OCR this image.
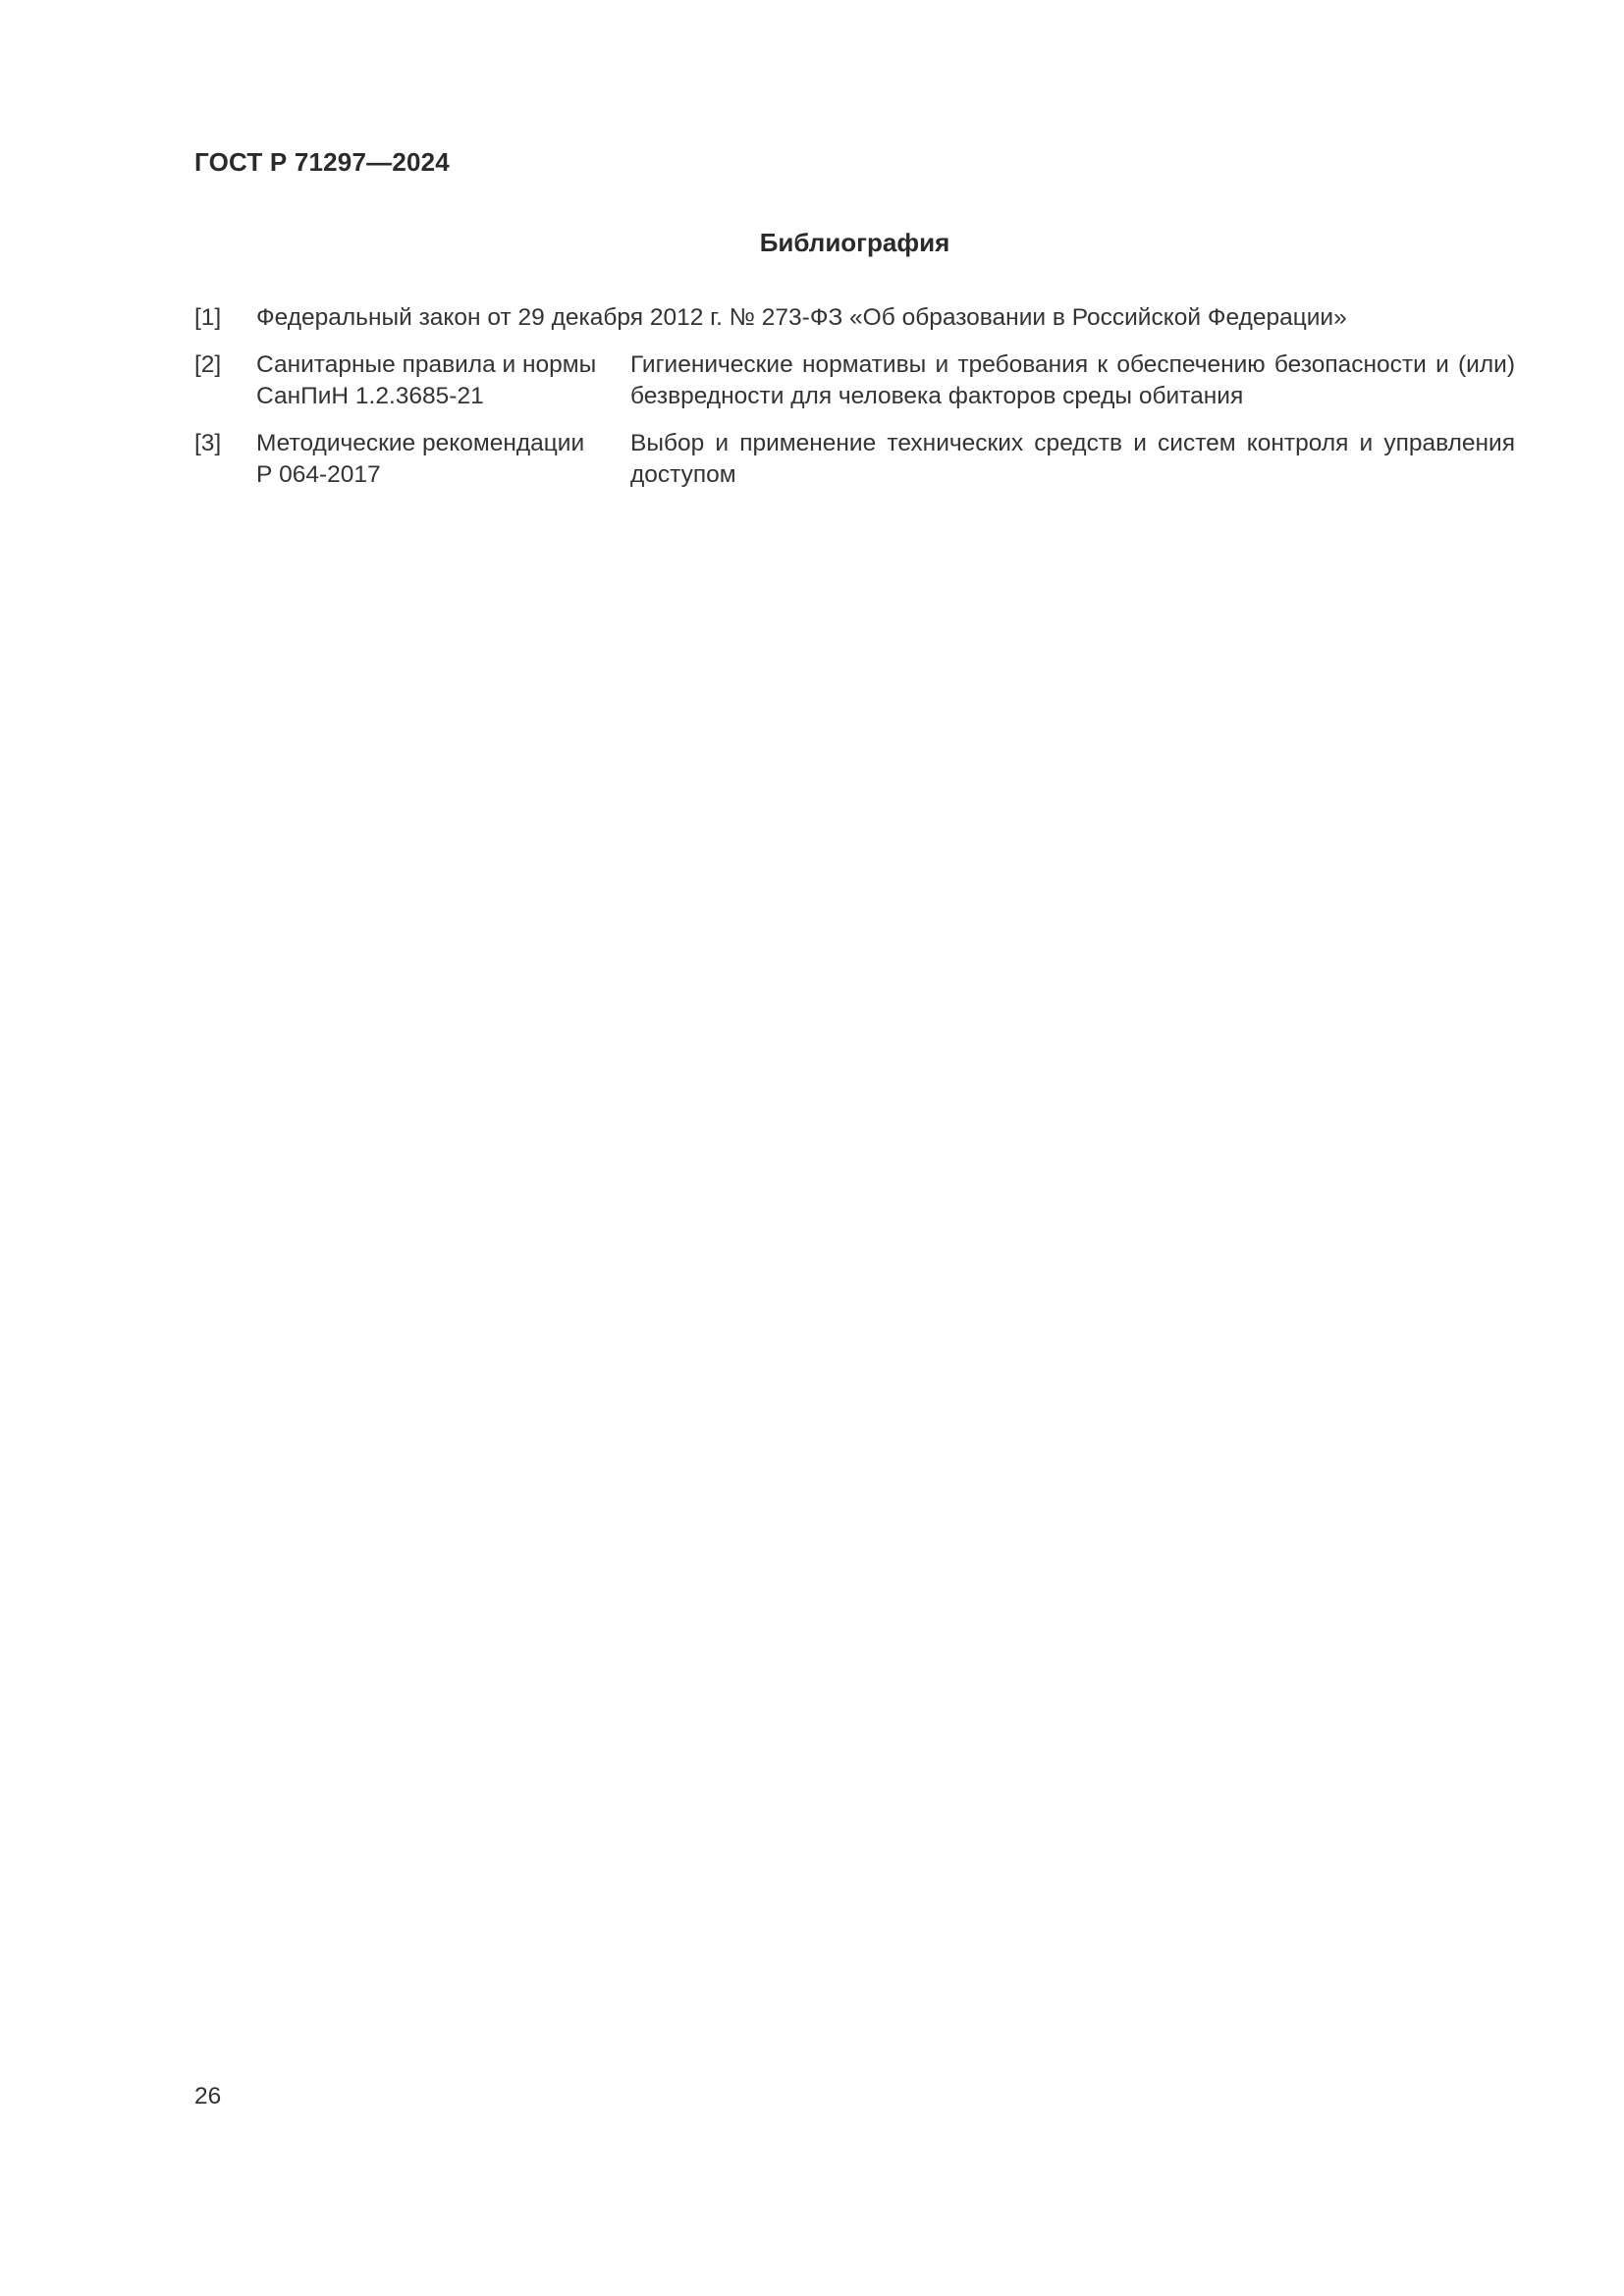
ГОСТ Р 71297—2024
Библиография
[1] Федеральный закон от 29 декабря 2012 г. № 273-ФЗ «Об образовании в Российской Федерации»
[2] Санитарные правила и нормы
СанПиН 1.2.3685-21
Гигиенические нормативы и требования к обеспечению безопасности и (или) безвредности для человека факторов среды обитания
[3] Методические рекомендации
Р 064-2017
Выбор и применение технических средств и систем контроля и управления доступом
26
